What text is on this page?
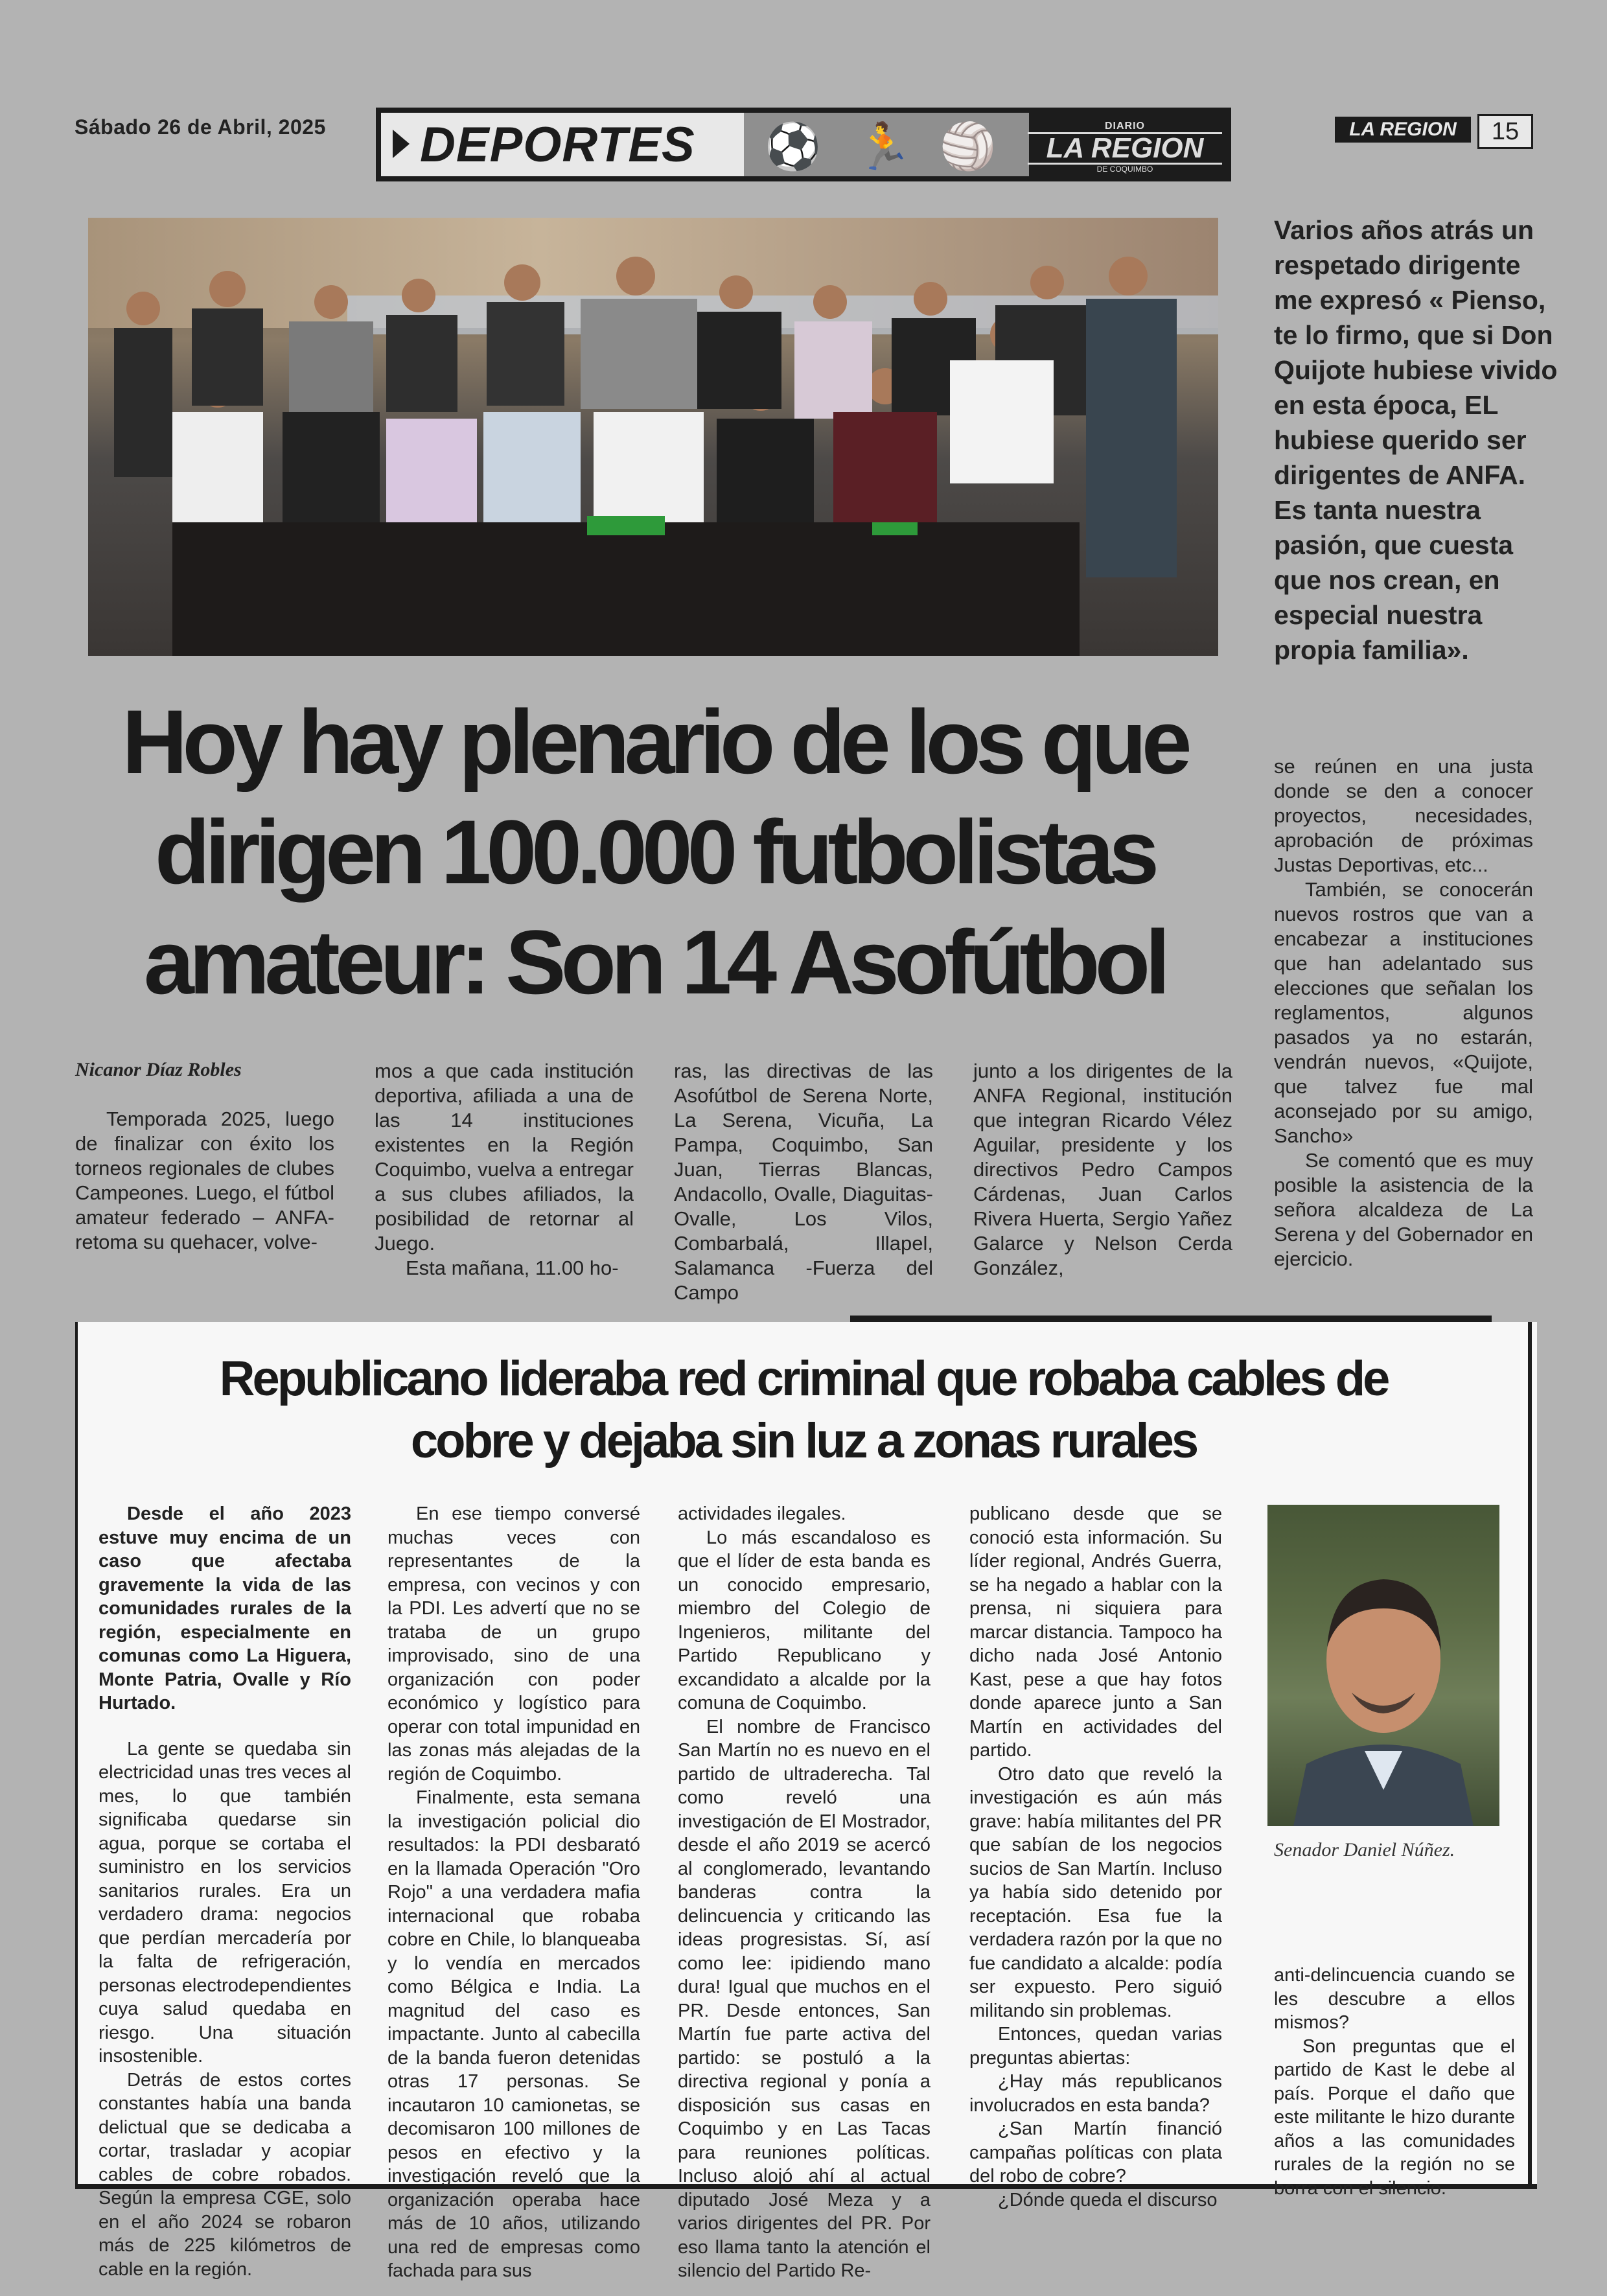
Sábado 26 de Abril, 2025 DEPORTES ⚽ 🏃 🏐	DIARIO
LA REGION
DE COQUIMBO
LA REGION	15
Varios años atrás un respetado dirigente me expresó « Pienso, te lo firmo, que si Don Quijote hubiese vivido en esta época, EL hubiese querido ser dirigentes de ANFA. Es tanta nuestra pasión, que cuesta que nos crean, en especial nuestra propia familia».
Hoy hay plenario de los que
dirigen 100.000 futbolistas
amateur: Son 14 Asofútbol
Nicanor Díaz Robles

Temporada 2025, luego de finalizar con éxito los torneos regionales de clubes Campeones. Luego, el fútbol amateur federado – ANFA- retoma su quehacer, volve-

mos a que cada institución deportiva, afiliada a una de las 14 instituciones existentes en la Región Coquimbo, vuelva a entregar a sus clubes afiliados, la posibilidad de retornar al Juego.

Esta mañana, 11.00 ho-

ras, las directivas de las Asofútbol de Serena Norte, La Serena, Vicuña, La Pampa, Coquimbo, San Juan, Tierras Blancas, Andacollo, Ovalle, Diaguitas-Ovalle, Los Vilos, Combarbalá, Illapel, Salamanca -Fuerza del Campo

junto a los dirigentes de la ANFA Regional, institución que integran Ricardo Vélez Aguilar, presidente y los directivos Pedro Campos Cárdenas, Juan Carlos Rivera Huerta, Sergio Yañez Galarce y Nelson Cerda González,

se reúnen en una justa donde se den a conocer proyectos, necesidades, aprobación de próximas Justas Deportivas, etc...

También, se conocerán nuevos rostros que van a encabezar a instituciones que han adelantado sus elecciones que señalan los reglamentos, algunos pasados ya no estarán, vendrán nuevos, «Quijote, que talvez fue mal aconsejado por su amigo, Sancho»

Se comentó que es muy posible la asistencia de la señora alcaldeza de La Serena y del Gobernador en ejercicio.

Republicano lideraba red criminal que robaba cables de
cobre y dejaba sin luz a zonas rurales

Desde el año 2023 estuve muy encima de un caso que afectaba gravemente la vida de las comunidades rurales de la región, especialmente en comunas como La Higuera, Monte Patria, Ovalle y Río Hurtado.

La gente se quedaba sin electricidad unas tres veces al mes, lo que también significaba quedarse sin agua, porque se cortaba el suministro en los servicios sanitarios rurales. Era un verdadero drama: negocios que perdían mercadería por la falta de refrigeración, personas electrodependientes cuya salud quedaba en riesgo. Una situación insostenible.

Detrás de estos cortes constantes había una banda delictual que se dedicaba a cortar, trasladar y acopiar cables de cobre robados. Según la empresa CGE, solo en el año 2024 se robaron más de 225 kilómetros de cable en la región.

En ese tiempo conversé muchas veces con representantes de la empresa, con vecinos y con la PDI. Les advertí que no se trataba de un grupo improvisado, sino de una organización con poder económico y logístico para operar con total impunidad en las zonas más alejadas de la región de Coquimbo.

Finalmente, esta semana la investigación policial dio resultados: la PDI desbarató en la llamada Operación "Oro Rojo" a una verdadera mafia internacional que robaba cobre en Chile, lo blanqueaba y lo vendía en mercados como Bélgica e India. La magnitud del caso es impactante. Junto al cabecilla de la banda fueron detenidas otras 17 personas. Se incautaron 10 camionetas, se decomisaron 100 millones de pesos en efectivo y la investigación reveló que la organización operaba hace más de 10 años, utilizando una red de empresas como fachada para sus

actividades ilegales.

Lo más escandaloso es que el líder de esta banda es un conocido empresario, miembro del Colegio de Ingenieros, militante del Partido Republicano y excandidato a alcalde por la comuna de Coquimbo.

El nombre de Francisco San Martín no es nuevo en el partido de ultraderecha. Tal como reveló una investigación de El Mostrador, desde el año 2019 se acercó al conglomerado, levantando banderas contra la delincuencia y criticando las ideas progresistas. Sí, así como lee: ipidiendo mano dura! Igual que muchos en el PR. Desde entonces, San Martín fue parte activa del partido: se postuló a la directiva regional y ponía a disposición sus casas en Coquimbo y en Las Tacas para reuniones políticas. Incluso alojó ahí al actual diputado José Meza y a varios dirigentes del PR. Por eso llama tanto la atención el silencio del Partido Re-

publicano desde que se conoció esta información. Su líder regional, Andrés Guerra, se ha negado a hablar con la prensa, ni siquiera para marcar distancia. Tampoco ha dicho nada José Antonio Kast, pese a que hay fotos donde aparece junto a San Martín en actividades del partido.

Otro dato que reveló la investigación es aún más grave: había militantes del PR que sabían de los negocios sucios de San Martín. Incluso ya había sido detenido por receptación. Esa fue la verdadera razón por la que no fue candidato a alcalde: podía ser expuesto. Pero siguió militando sin problemas.

Entonces, quedan varias preguntas abiertas:

¿Hay más republicanos involucrados en esta banda?

¿San Martín financió campañas políticas con plata del robo de cobre?

¿Dónde queda el discurso

Senador Daniel Núñez.

anti-delincuencia cuando se les descubre a ellos mismos?

Son preguntas que el partido de Kast le debe al país. Porque el daño que este militante le hizo durante años a las comunidades rurales de la región no se borra con el silencio.
